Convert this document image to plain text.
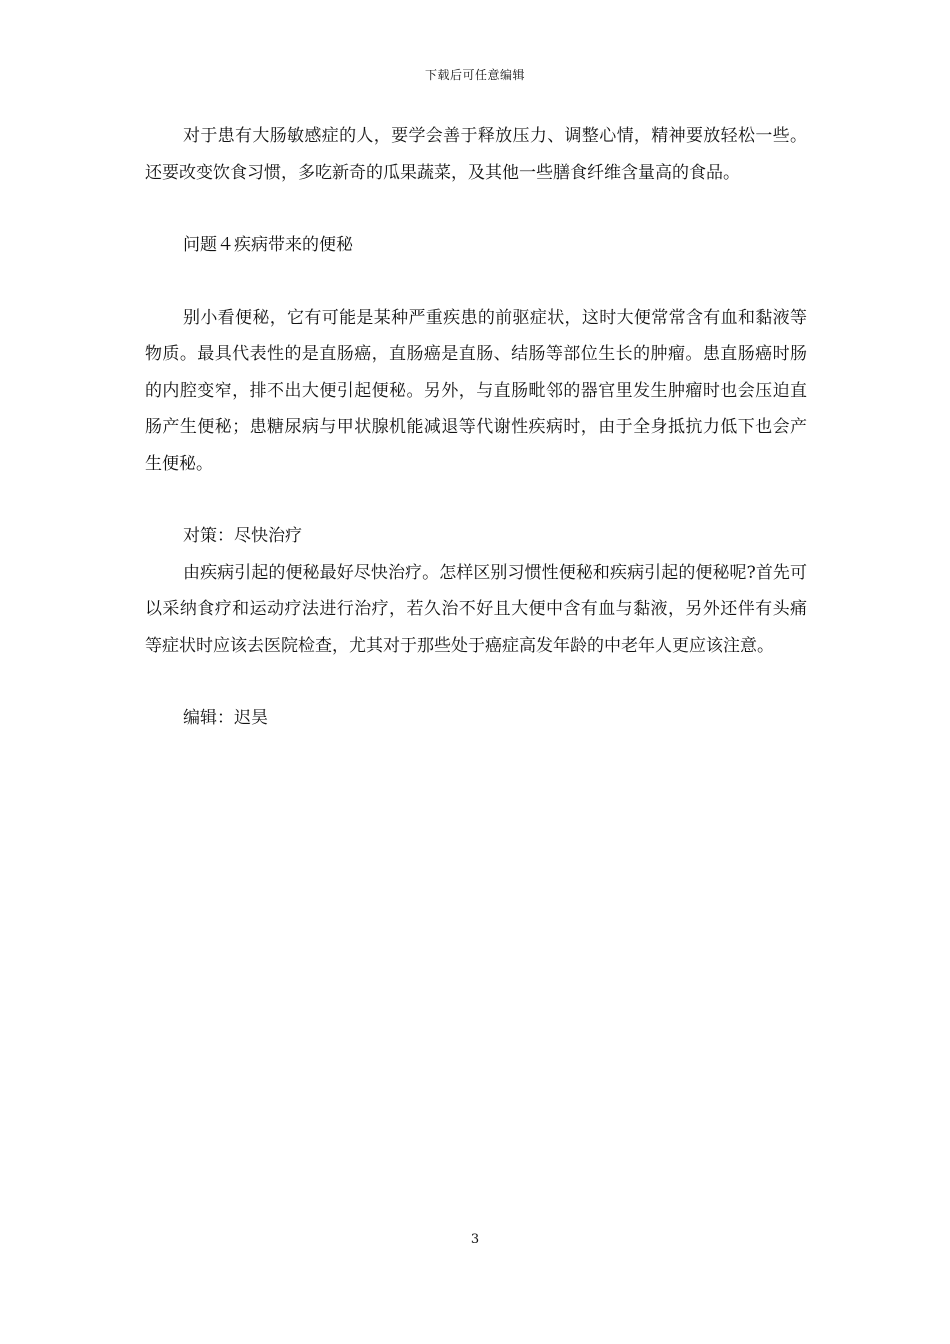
下载后可任意编辑

对于患有大肠敏感症的人，要学会善于释放压力、调整心情，精神要放轻松一些。还要改变饮食习惯，多吃新奇的瓜果蔬菜，及其他一些膳食纤维含量高的食品。

问题４疾病带来的便秘

别小看便秘，它有可能是某种严重疾患的前驱症状，这时大便常常含有血和黏液等物质。最具代表性的是直肠癌，直肠癌是直肠、结肠等部位生长的肿瘤。患直肠癌时肠的内腔变窄，排不出大便引起便秘。另外，与直肠毗邻的器官里发生肿瘤时也会压迫直肠产生便秘；患糖尿病与甲状腺机能减退等代谢性疾病时，由于全身抵抗力低下也会产生便秘。

对策：尽快治疗

由疾病引起的便秘最好尽快治疗。怎样区别习惯性便秘和疾病引起的便秘呢?首先可以采纳食疗和运动疗法进行治疗，若久治不好且大便中含有血与黏液，另外还伴有头痛等症状时应该去医院检查，尤其对于那些处于癌症高发年龄的中老年人更应该注意。

编辑：迟昊

3
